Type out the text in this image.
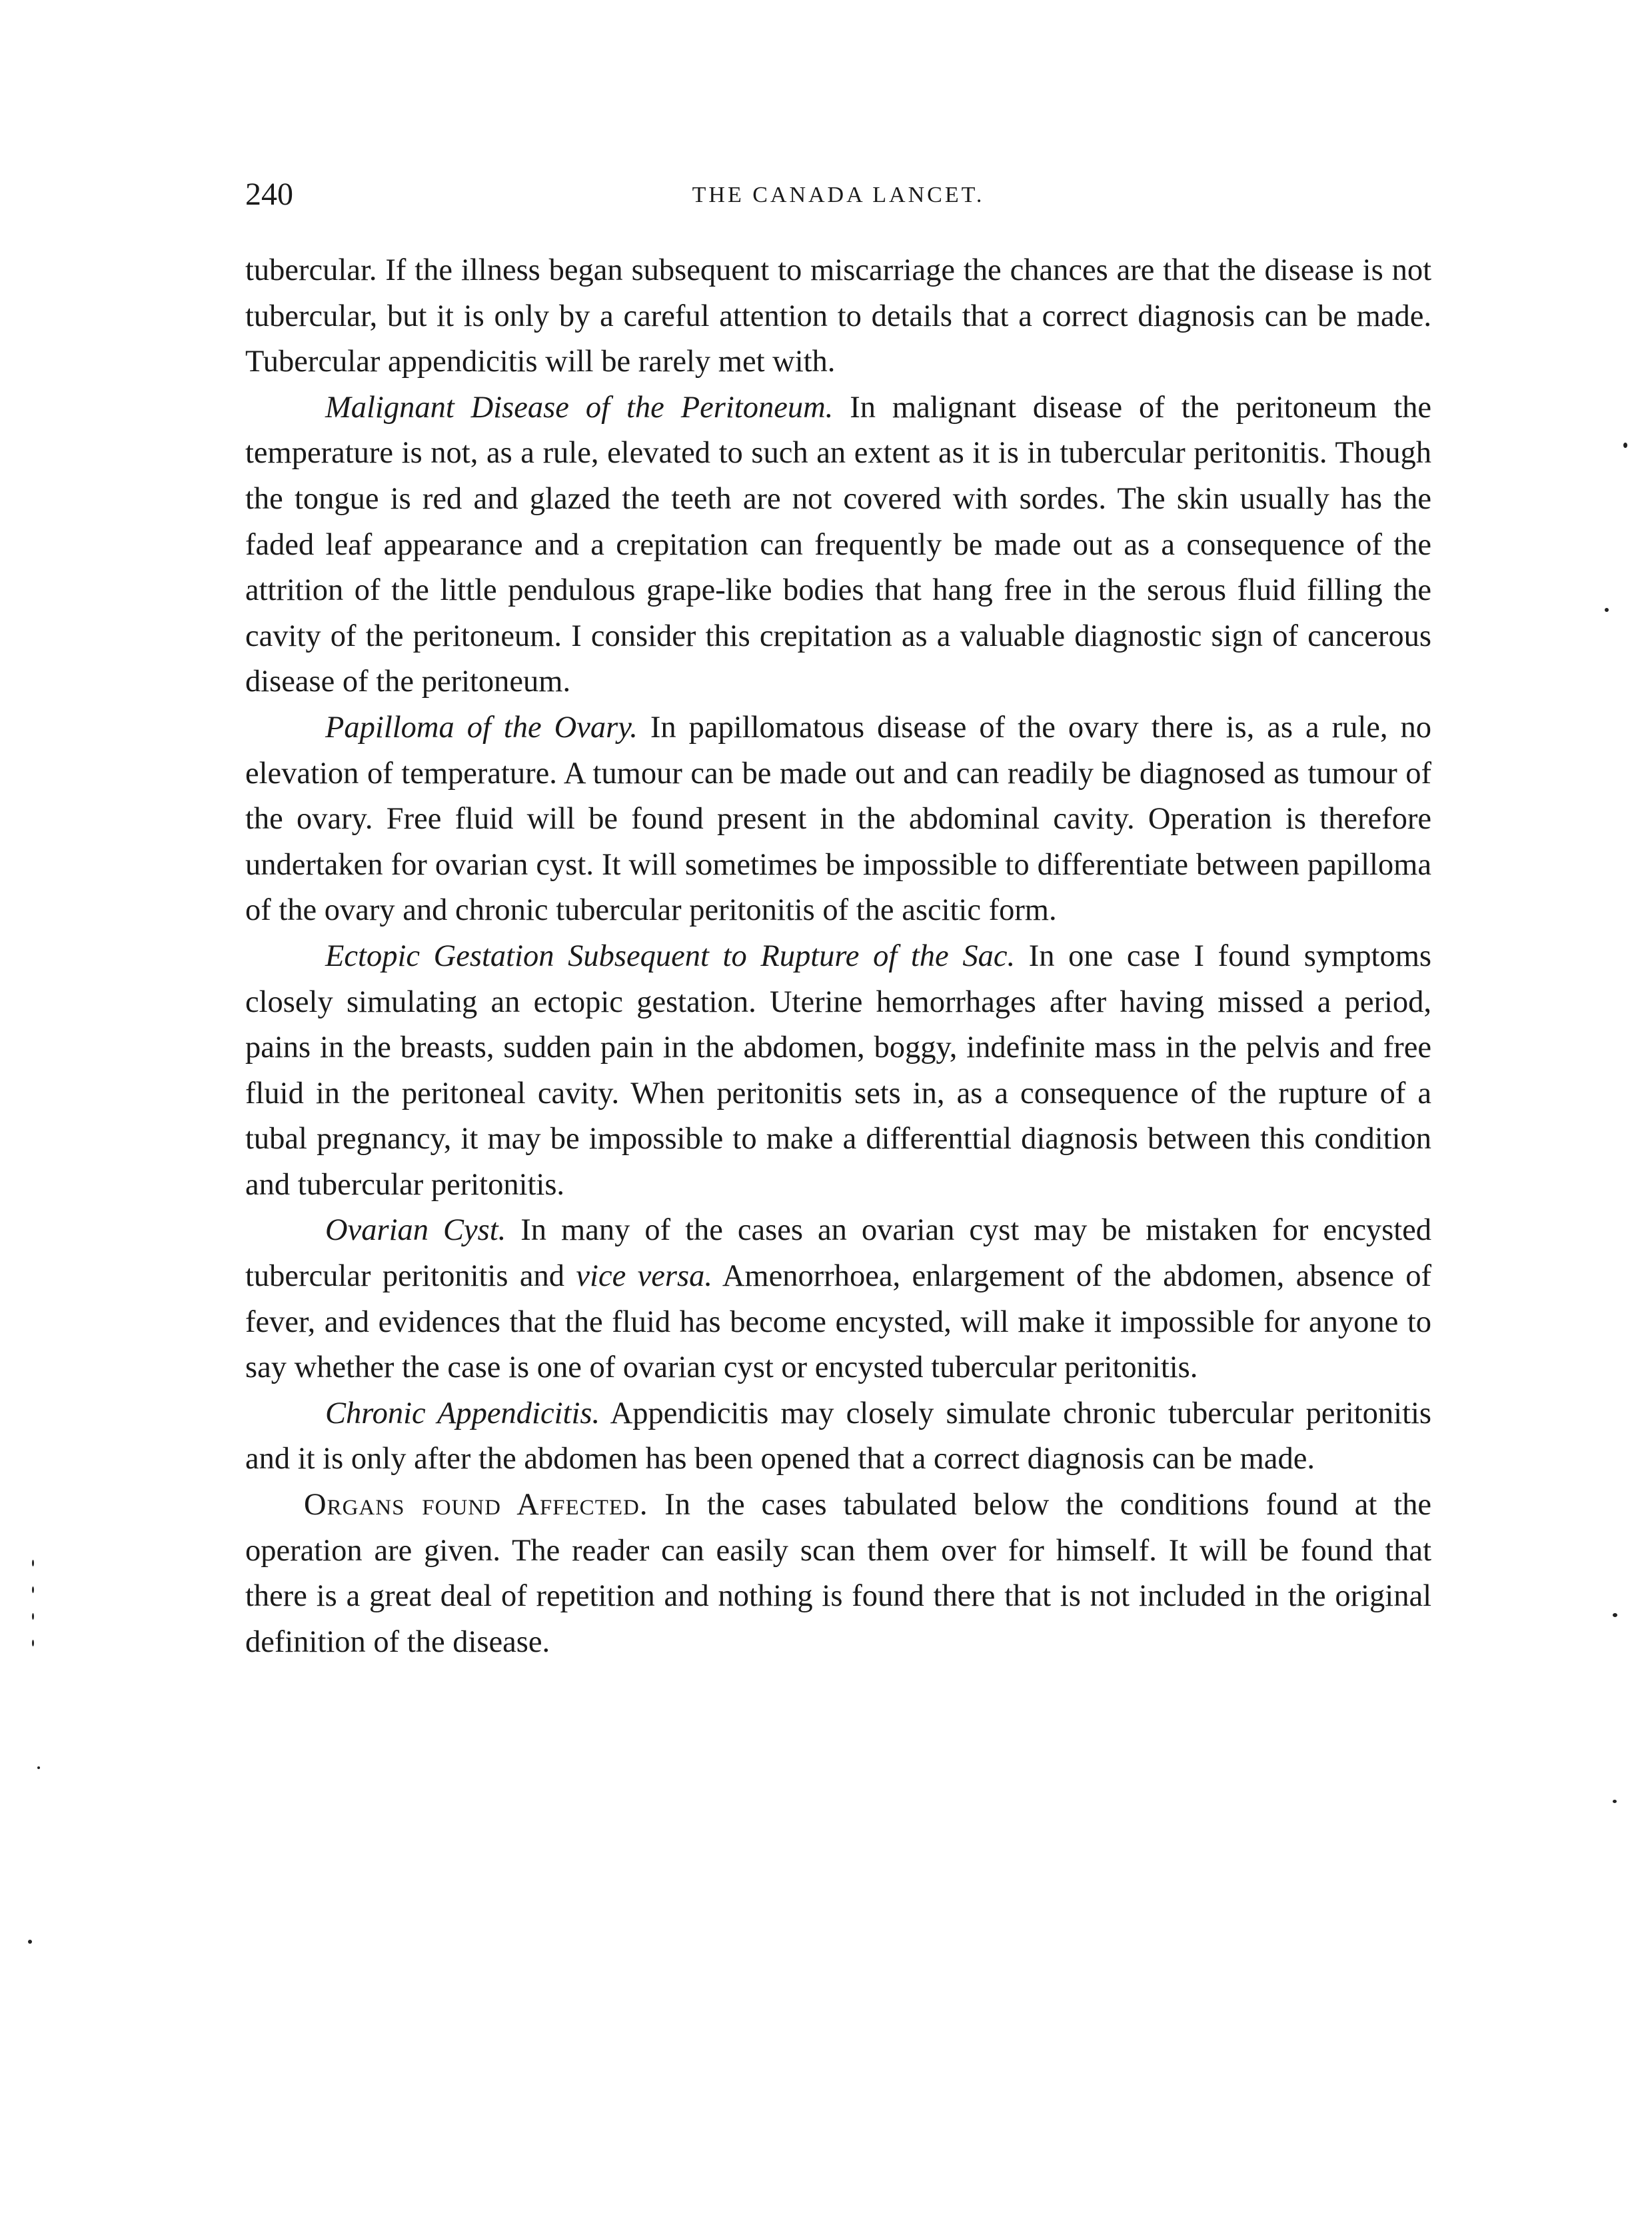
240	THE CANADA LANCET.

tubercular. If the illness began subsequent to miscarriage the chances are that the disease is not tubercular, but it is only by a careful attention to details that a correct diagnosis can be made. Tubercular appendicitis will be rarely met with.

Malignant Disease of the Peritoneum. In malignant disease of the peritoneum the temperature is not, as a rule, elevated to such an extent as it is in tubercular peritonitis. Though the tongue is red and glazed the teeth are not covered with sordes. The skin usually has the faded leaf appearance and a crepitation can frequently be made out as a consequence of the attrition of the little pendulous grape-like bodies that hang free in the serous fluid filling the cavity of the peritoneum. I consider this crepitation as a valuable diagnostic sign of cancerous disease of the peritoneum.

Papilloma of the Ovary. In papillomatous disease of the ovary there is, as a rule, no elevation of temperature. A tumour can be made out and can readily be diagnosed as tumour of the ovary. Free fluid will be found present in the abdominal cavity. Operation is therefore undertaken for ovarian cyst. It will sometimes be impossible to differentiate between papilloma of the ovary and chronic tubercular peritonitis of the ascitic form.

Ectopic Gestation Subsequent to Rupture of the Sac. In one case I found symptoms closely simulating an ectopic gestation. Uterine hemorrhages after having missed a period, pains in the breasts, sudden pain in the abdomen, boggy, indefinite mass in the pelvis and free fluid in the peritoneal cavity. When peritonitis sets in, as a consequence of the rupture of a tubal pregnancy, it may be impossible to make a differenttial diagnosis between this condition and tubercular peritonitis.

Ovarian Cyst. In many of the cases an ovarian cyst may be mistaken for encysted tubercular peritonitis and vice versa. Amenorrhoea, enlargement of the abdomen, absence of fever, and evidences that the fluid has become encysted, will make it impossible for anyone to say whether the case is one of ovarian cyst or encysted tubercular peritonitis.

Chronic Appendicitis. Appendicitis may closely simulate chronic tubercular peritonitis and it is only after the abdomen has been opened that a correct diagnosis can be made.

Organs found Affected. In the cases tabulated below the conditions found at the operation are given. The reader can easily scan them over for himself. It will be found that there is a great deal of repetition and nothing is found there that is not included in the original definition of the disease.
